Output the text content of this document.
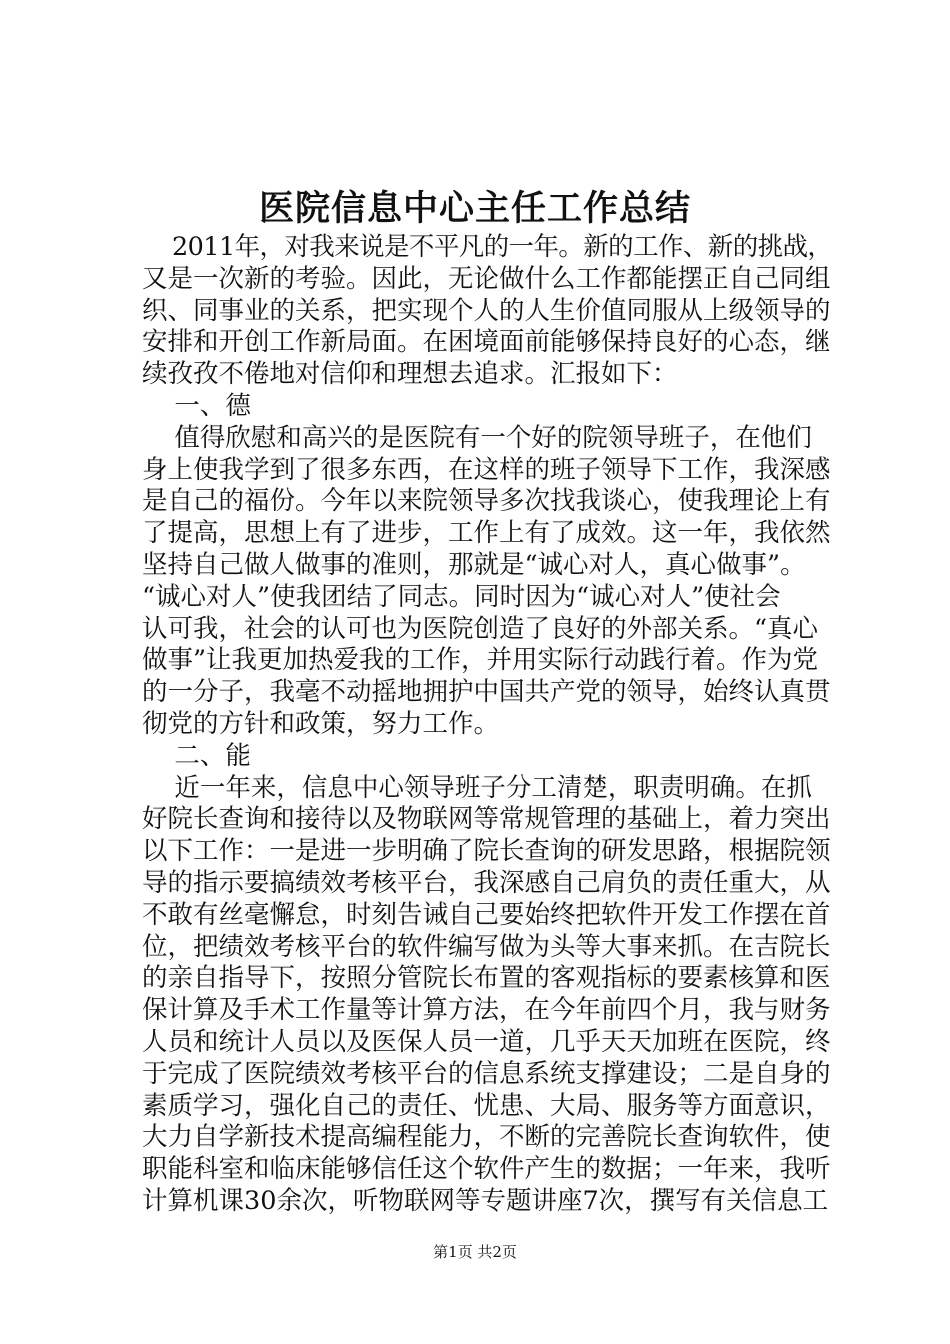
医院信息中心主任工作总结
2011年，对我来说是不平凡的一年。新的工作、新的挑战，
又是一次新的考验。因此，无论做什么工作都能摆正自己同组
织、同事业的关系，把实现个人的人生价值同服从上级领导的
安排和开创工作新局面。在困境面前能够保持良好的心态，继
续孜孜不倦地对信仰和理想去追求。汇报如下：
一、德
值得欣慰和高兴的是医院有一个好的院领导班子，在他们
身上使我学到了很多东西，在这样的班子领导下工作，我深感
是自己的福份。今年以来院领导多次找我谈心，使我理论上有
了提高，思想上有了进步，工作上有了成效。这一年，我依然
坚持自己做人做事的准则，那就是“诚心对人，真心做事”。
“诚心对人”使我团结了同志。同时因为“诚心对人”使社会
认可我，社会的认可也为医院创造了良好的外部关系。“真心
做事”让我更加热爱我的工作，并用实际行动践行着。作为党
的一分子，我毫不动摇地拥护中国共产党的领导，始终认真贯
彻党的方针和政策，努力工作。
二、能
近一年来，信息中心领导班子分工清楚，职责明确。在抓
好院长查询和接待以及物联网等常规管理的基础上，着力突出
以下工作：一是进一步明确了院长查询的研发思路，根据院领
导的指示要搞绩效考核平台，我深感自己肩负的责任重大，从
不敢有丝毫懈怠，时刻告诫自己要始终把软件开发工作摆在首
位，把绩效考核平台的软件编写做为头等大事来抓。在吉院长
的亲自指导下，按照分管院长布置的客观指标的要素核算和医
保计算及手术工作量等计算方法，在今年前四个月，我与财务
人员和统计人员以及医保人员一道，几乎天天加班在医院，终
于完成了医院绩效考核平台的信息系统支撑建设；二是自身的
素质学习，强化自己的责任、忧患、大局、服务等方面意识，
大力自学新技术提高编程能力，不断的完善院长查询软件，使
职能科室和临床能够信任这个软件产生的数据；一年来，我听
计算机课30余次，听物联网等专题讲座7次，撰写有关信息工
第1页 共2页
